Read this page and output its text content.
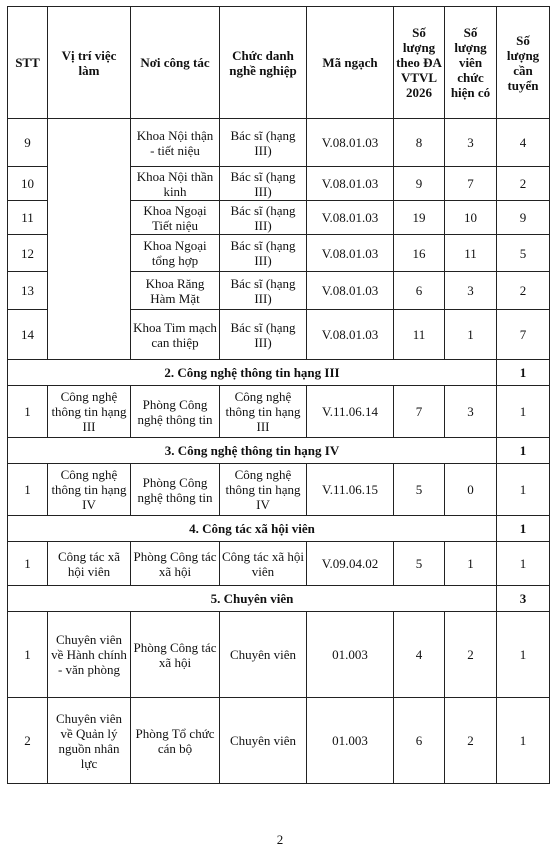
STT	Vị trí việc làm	Nơi công tác	Chức danh nghề nghiệp	Mã ngạch	Số lượng theo ĐA VTVL 2026	Số lượng viên chức hiện có	Số lượng cần tuyển
9		Khoa Nội thận - tiết niệu	Bác sĩ (hạng III)	V.08.01.03	8	3	4
10		Khoa Nội thần kinh	Bác sĩ (hạng III)	V.08.01.03	9	7	2
11		Khoa Ngoại Tiết niệu	Bác sĩ (hạng III)	V.08.01.03	19	10	9
12		Khoa Ngoại tổng hợp	Bác sĩ (hạng III)	V.08.01.03	16	11	5
13		Khoa Răng Hàm Mặt	Bác sĩ (hạng III)	V.08.01.03	6	3	2
14		Khoa Tim mạch can thiệp	Bác sĩ (hạng III)	V.08.01.03	11	1	7
2. Công nghệ thông tin hạng III							1
1	Công nghệ thông tin hạng III	Phòng Công nghệ thông tin	Công nghệ thông tin hạng III	V.11.06.14	7	3	1
3. Công nghệ thông tin hạng IV							1
1	Công nghệ thông tin hạng IV	Phòng Công nghệ thông tin	Công nghệ thông tin hạng IV	V.11.06.15	5	0	1
4. Công tác xã hội viên							1
1	Công tác xã hội viên	Phòng Công tác xã hội	Công tác xã hội viên	V.09.04.02	5	1	1
5. Chuyên viên							3
1	Chuyên viên về Hành chính - văn phòng	Phòng Công tác xã hội	Chuyên viên	01.003	4	2	1
2	Chuyên viên về Quản lý nguồn nhân lực	Phòng Tổ chức cán bộ	Chuyên viên	01.003	6	2	1
2
